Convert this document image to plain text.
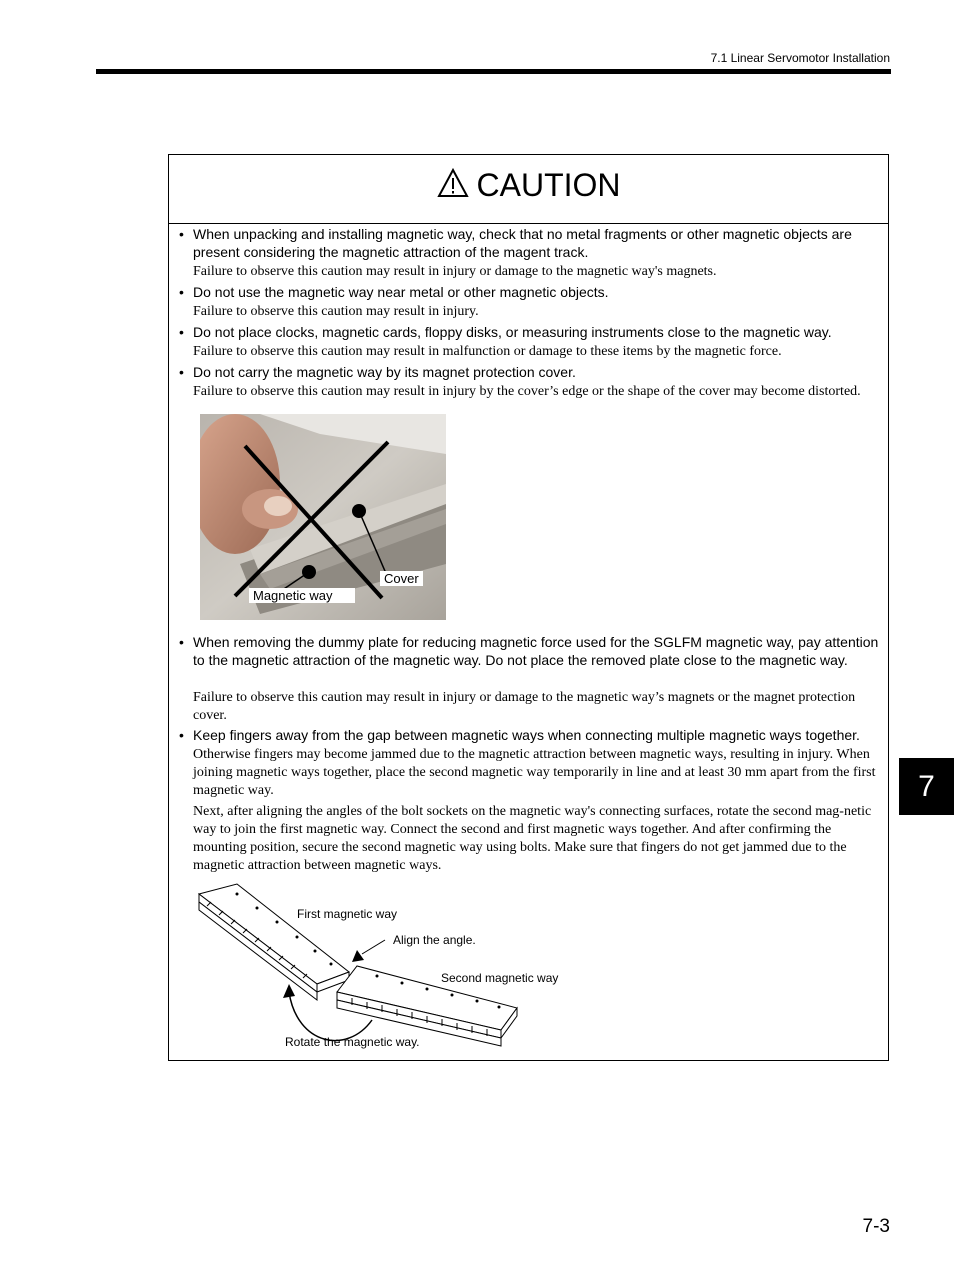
7.1 Linear Servomotor Installation
CAUTION
• When unpacking and installing magnetic way, check that no metal fragments or other magnetic objects are present considering the magnetic attraction of the magent track.
Failure to observe this caution may result in injury or damage to the magnetic way's magnets.
• Do not use the magnetic way near metal or other magnetic objects.
Failure to observe this caution may result in injury.
• Do not place clocks, magnetic cards, floppy disks, or measuring instruments close to the magnetic way.
Failure to observe this caution may result in malfunction or damage to these items by the magnetic force.
• Do not carry the magnetic way by its magnet protection cover.
Failure to observe this caution may result in injury by the cover’s edge or the shape of the cover may become distorted.
Cover
Magnetic way
• When removing the dummy plate for reducing magnetic force used for the SGLFM magnetic way, pay attention to the magnetic attraction of the magnetic way. Do not place the removed plate close to the magnetic way.
Failure to observe this caution may result in injury or damage to the magnetic way’s magnets or the magnet protection cover.
• Keep fingers away from the gap between magnetic ways when connecting multiple magnetic ways together.
Otherwise fingers may become jammed due to the magnetic attraction between magnetic ways, resulting in injury. When joining magnetic ways together, place the second magnetic way temporarily in line and at least 30 mm apart from the first magnetic way.
Next, after aligning the angles of the bolt sockets on the magnetic way's connecting surfaces, rotate the second mag-netic way to join the first magnetic way. Connect the second and first magnetic ways together. And after confirming the mounting position, secure the second magnetic way using bolts. Make sure that fingers do not get jammed due to the magnetic attraction between magnetic ways.
First magnetic way
Align the angle.
Second magnetic way
Rotate the magnetic way.
7
7-3
